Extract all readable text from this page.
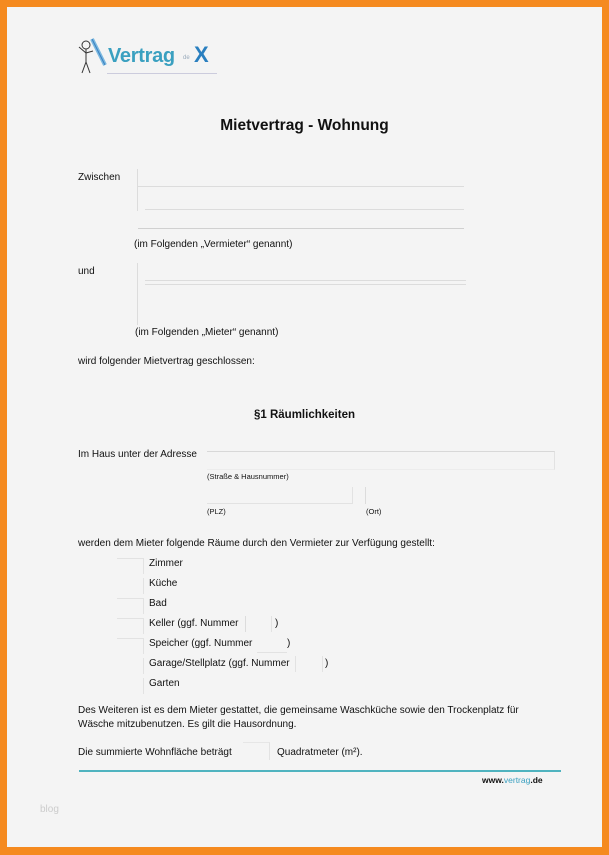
Vertrag de X
Mietvertrag - Wohnung
Zwischen
(im Folgenden „Vermieter“ genannt)
und
(im Folgenden „Mieter“ genannt)
wird folgender Mietvertrag geschlossen:
§1 Räumlichkeiten
Im Haus unter der Adresse
(Straße & Hausnummer)
(PLZ)	(Ort)
werden dem Mieter folgende Räume durch den Vermieter zur Verfügung gestellt:
Zimmer
Küche
Bad
Keller (ggf. Nummer	)
Speicher (ggf. Nummer	)
Garage/Stellplatz (ggf. Nummer	)
Garten
Des Weiteren ist es dem Mieter gestattet, die gemeinsame Waschküche sowie den Trockenplatz für
Wäsche mitzubenutzen. Es gilt die Hausordnung.
Die summierte Wohnfläche beträgt	Quadratmeter (m²).
www.vertrag.de
blog
